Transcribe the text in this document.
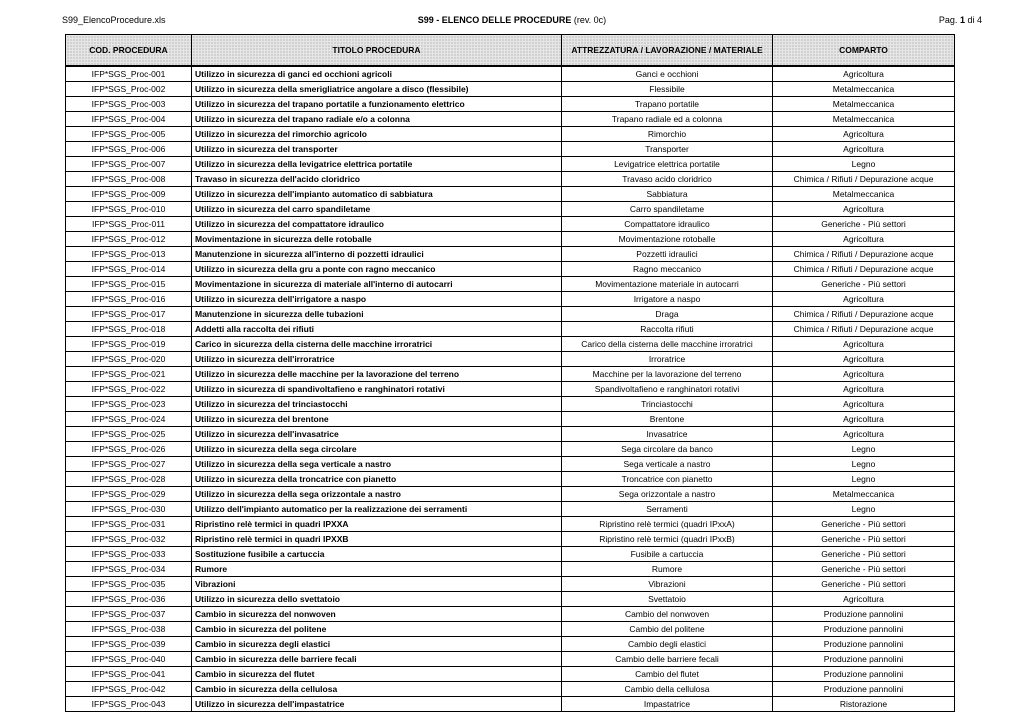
S99_ElencoProcedure.xls	S99 - ELENCO DELLE PROCEDURE (rev. 0c)	Pag. 1 di 4
COD. PROCEDURA	TITOLO PROCEDURA	ATTREZZATURA / LAVORAZIONE / MATERIALE	COMPARTO
IFP*SGS_Proc-001	Utilizzo in sicurezza di ganci ed occhioni agricoli	Ganci e occhioni	Agricoltura
IFP*SGS_Proc-002	Utilizzo in sicurezza della smerigliatrice angolare a disco (flessibile)	Flessibile	Metalmeccanica
IFP*SGS_Proc-003	Utilizzo in sicurezza del trapano portatile a funzionamento elettrico	Trapano portatile	Metalmeccanica
IFP*SGS_Proc-004	Utilizzo in sicurezza del trapano radiale e/o a colonna	Trapano radiale ed a colonna	Metalmeccanica
IFP*SGS_Proc-005	Utilizzo in sicurezza del rimorchio agricolo	Rimorchio	Agricoltura
IFP*SGS_Proc-006	Utilizzo in sicurezza del transporter	Transporter	Agricoltura
IFP*SGS_Proc-007	Utilizzo in sicurezza della levigatrice elettrica portatile	Levigatrice elettrica portatile	Legno
IFP*SGS_Proc-008	Travaso in sicurezza dell'acido cloridrico	Travaso acido cloridrico	Chimica / Rifiuti / Depurazione acque
IFP*SGS_Proc-009	Utilizzo in sicurezza dell'impianto automatico di sabbiatura	Sabbiatura	Metalmeccanica
IFP*SGS_Proc-010	Utilizzo in sicurezza del carro spandiletame	Carro spandiletame	Agricoltura
IFP*SGS_Proc-011	Utilizzo in sicurezza del compattatore idraulico	Compattatore idraulico	Generiche - Più settori
IFP*SGS_Proc-012	Movimentazione in sicurezza delle rotoballe	Movimentazione rotoballe	Agricoltura
IFP*SGS_Proc-013	Manutenzione in sicurezza all'interno di pozzetti idraulici	Pozzetti idraulici	Chimica / Rifiuti / Depurazione acque
IFP*SGS_Proc-014	Utilizzo in sicurezza della gru a ponte con ragno meccanico	Ragno meccanico	Chimica / Rifiuti / Depurazione acque
IFP*SGS_Proc-015	Movimentazione in sicurezza di materiale all'interno di autocarri	Movimentazione materiale in autocarri	Generiche - Più settori
IFP*SGS_Proc-016	Utilizzo in sicurezza dell'irrigatore a naspo	Irrigatore a naspo	Agricoltura
IFP*SGS_Proc-017	Manutenzione in sicurezza delle tubazioni	Draga	Chimica / Rifiuti / Depurazione acque
IFP*SGS_Proc-018	Addetti alla raccolta dei rifiuti	Raccolta rifiuti	Chimica / Rifiuti / Depurazione acque
IFP*SGS_Proc-019	Carico in sicurezza della cisterna delle macchine irroratrici	Carico della cisterna delle macchine irroratrici	Agricoltura
IFP*SGS_Proc-020	Utilizzo in sicurezza dell'irroratrice	Irroratrice	Agricoltura
IFP*SGS_Proc-021	Utilizzo in sicurezza delle macchine per la lavorazione del terreno	Macchine per la lavorazione del terreno	Agricoltura
IFP*SGS_Proc-022	Utilizzo in sicurezza di spandivoltafieno e ranghinatori rotativi	Spandivoltafieno e ranghinatori rotativi	Agricoltura
IFP*SGS_Proc-023	Utilizzo in sicurezza del trinciastocchi	Trinciastocchi	Agricoltura
IFP*SGS_Proc-024	Utilizzo in sicurezza del brentone	Brentone	Agricoltura
IFP*SGS_Proc-025	Utilizzo in sicurezza dell'invasatrice	Invasatrice	Agricoltura
IFP*SGS_Proc-026	Utilizzo in sicurezza della sega circolare	Sega circolare da banco	Legno
IFP*SGS_Proc-027	Utilizzo in sicurezza della sega verticale a nastro	Sega verticale a nastro	Legno
IFP*SGS_Proc-028	Utilizzo in sicurezza della troncatrice con pianetto	Troncatrice con pianetto	Legno
IFP*SGS_Proc-029	Utilizzo in sicurezza della sega orizzontale a nastro	Sega orizzontale a nastro	Metalmeccanica
IFP*SGS_Proc-030	Utilizzo dell'impianto automatico per la realizzazione dei serramenti	Serramenti	Legno
IFP*SGS_Proc-031	Ripristino relè termici in quadri IPXXA	Ripristino relè termici (quadri IPxxA)	Generiche - Più settori
IFP*SGS_Proc-032	Ripristino relè termici in quadri IPXXB	Ripristino relè termici (quadri IPxxB)	Generiche - Più settori
IFP*SGS_Proc-033	Sostituzione fusibile a cartuccia	Fusibile a cartuccia	Generiche - Più settori
IFP*SGS_Proc-034	Rumore	Rumore	Generiche - Più settori
IFP*SGS_Proc-035	Vibrazioni	Vibrazioni	Generiche - Più settori
IFP*SGS_Proc-036	Utilizzo in sicurezza dello svettatoio	Svettatoio	Agricoltura
IFP*SGS_Proc-037	Cambio in sicurezza del nonwoven	Cambio del nonwoven	Produzione pannolini
IFP*SGS_Proc-038	Cambio in sicurezza del politene	Cambio del politene	Produzione pannolini
IFP*SGS_Proc-039	Cambio in sicurezza degli elastici	Cambio degli elastici	Produzione pannolini
IFP*SGS_Proc-040	Cambio in sicurezza delle barriere fecali	Cambio delle barriere fecali	Produzione pannolini
IFP*SGS_Proc-041	Cambio in sicurezza del flutet	Cambio del flutet	Produzione pannolini
IFP*SGS_Proc-042	Cambio in sicurezza della cellulosa	Cambio della cellulosa	Produzione pannolini
IFP*SGS_Proc-043	Utilizzo in sicurezza dell'impastatrice	Impastatrice	Ristorazione
